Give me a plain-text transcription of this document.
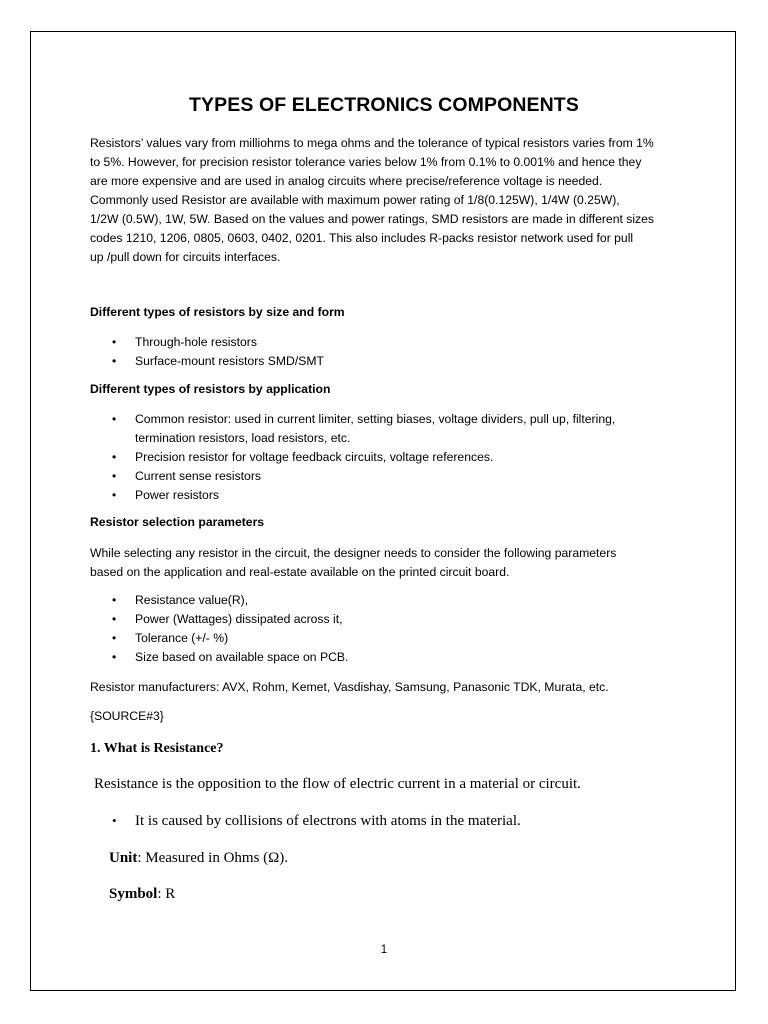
TYPES OF ELECTRONICS COMPONENTS

Resistors’ values vary from milliohms to mega ohms and the tolerance of typical resistors varies from 1%

to 5%. However, for precision resistor tolerance varies below 1% from 0.1% to 0.001% and hence they

are more expensive and are used in analog circuits where precise/reference voltage is needed.

Commonly used Resistor are available with maximum power rating of 1/8(0.125W), 1/4W (0.25W),

1/2W (0.5W), 1W, 5W. Based on the values and power ratings, SMD resistors are made in different sizes

codes 1210, 1206, 0805, 0603, 0402, 0201. This also includes R-packs resistor network used for pull

up /pull down for circuits interfaces.

Different types of resistors by size and form

• Through-hole resistors
• Surface-mount resistors SMD/SMT

Different types of resistors by application

• Common resistor: used in current limiter, setting biases, voltage dividers, pull up, filtering,
termination resistors, load resistors, etc.
• Precision resistor for voltage feedback circuits, voltage references.
• Current sense resistors
• Power resistors

Resistor selection parameters

While selecting any resistor in the circuit, the designer needs to consider the following parameters

based on the application and real-estate available on the printed circuit board.

• Resistance value(R),
• Power (Wattages) dissipated across it,
• Tolerance (+/- %)
• Size based on available space on PCB.

Resistor manufacturers: AVX, Rohm, Kemet, Vasdishay, Samsung, Panasonic TDK, Murata, etc.

{SOURCE#3}

1. What is Resistance?

Resistance is the opposition to the flow of electric current in a material or circuit.

• It is caused by collisions of electrons with atoms in the material.

Unit: Measured in Ohms (Ω).

Symbol: R

1
